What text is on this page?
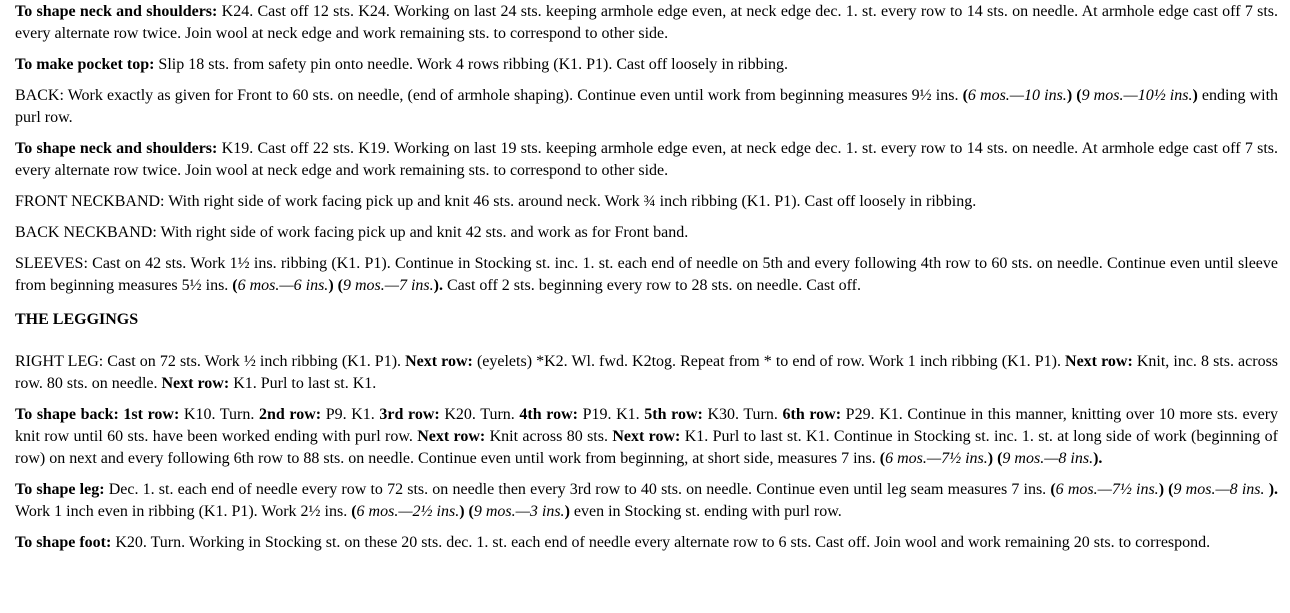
To shape neck and shoulders: K24. Cast off 12 sts. K24. Working on last 24 sts. keeping armhole edge even, at neck edge dec. 1. st. every row to 14 sts. on needle. At armhole edge cast off 7 sts. every alternate row twice. Join wool at neck edge and work remaining sts. to correspond to other side.

To make pocket top: Slip 18 sts. from safety pin onto needle. Work 4 rows ribbing (K1. P1). Cast off loosely in ribbing.

BACK: Work exactly as given for Front to 60 sts. on needle, (end of armhole shaping). Continue even until work from beginning measures 9½ ins. (6 mos.—10 ins.) (9 mos.—10½ ins.) ending with purl row.

To shape neck and shoulders: K19. Cast off 22 sts. K19. Working on last 19 sts. keeping armhole edge even, at neck edge dec. 1. st. every row to 14 sts. on needle. At armhole edge cast off 7 sts. every alternate row twice. Join wool at neck edge and work remaining sts. to correspond to other side.

FRONT NECKBAND: With right side of work facing pick up and knit 46 sts. around neck. Work ¾ inch ribbing (K1. P1). Cast off loosely in ribbing.

BACK NECKBAND: With right side of work facing pick up and knit 42 sts. and work as for Front band.

SLEEVES: Cast on 42 sts. Work 1½ ins. ribbing (K1. P1). Continue in Stocking st. inc. 1. st. each end of needle on 5th and every following 4th row to 60 sts. on needle. Continue even until sleeve from beginning measures 5½ ins. (6 mos.—6 ins.) (9 mos.—7 ins.). Cast off 2 sts. beginning every row to 28 sts. on needle. Cast off.

THE LEGGINGS

RIGHT LEG: Cast on 72 sts. Work ½ inch ribbing (K1. P1). Next row: (eyelets) *K2. Wl. fwd. K2tog. Repeat from * to end of row. Work 1 inch ribbing (K1. P1). Next row: Knit, inc. 8 sts. across row. 80 sts. on needle. Next row: K1. Purl to last st. K1.

To shape back: 1st row: K10. Turn. 2nd row: P9. K1. 3rd row: K20. Turn. 4th row: P19. K1. 5th row: K30. Turn. 6th row: P29. K1. Continue in this manner, knitting over 10 more sts. every knit row until 60 sts. have been worked ending with purl row. Next row: Knit across 80 sts. Next row: K1. Purl to last st. K1. Continue in Stocking st. inc. 1. st. at long side of work (beginning of row) on next and every following 6th row to 88 sts. on needle. Continue even until work from beginning, at short side, measures 7 ins. (6 mos.—7½ ins.) (9 mos.—8 ins.).

To shape leg: Dec. 1. st. each end of needle every row to 72 sts. on needle then every 3rd row to 40 sts. on needle. Continue even until leg seam measures 7 ins. (6 mos.—7½ ins.) (9 mos.—8 ins. ). Work 1 inch even in ribbing (K1. P1). Work 2½ ins. (6 mos.—2½ ins.) (9 mos.—3 ins.) even in Stocking st. ending with purl row.

To shape foot: K20. Turn. Working in Stocking st. on these 20 sts. dec. 1. st. each end of needle every alternate row to 6 sts. Cast off. Join wool and work remaining 20 sts. to correspond.
